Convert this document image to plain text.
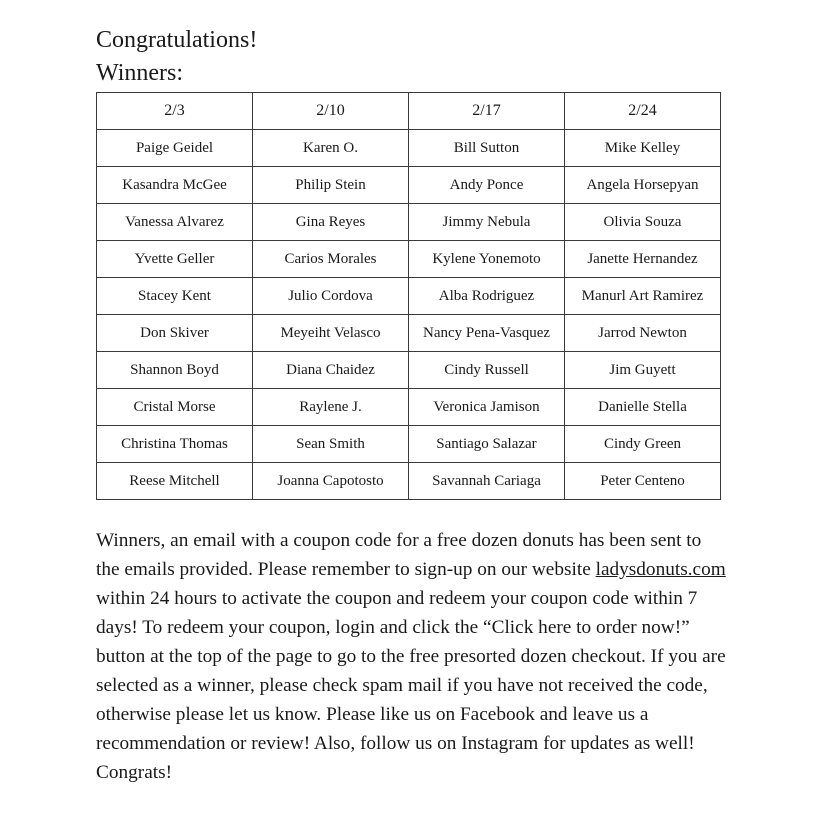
Congratulations!
Winners:
2/3	2/10	2/17	2/24
Paige Geidel	Karen O.	Bill Sutton	Mike Kelley
Kasandra McGee	Philip Stein	Andy Ponce	Angela Horsepyan
Vanessa Alvarez	Gina Reyes	Jimmy Nebula	Olivia Souza
Yvette Geller	Carios Morales	Kylene Yonemoto	Janette Hernandez
Stacey Kent	Julio Cordova	Alba Rodriguez	Manurl Art Ramirez
Don Skiver	Meyeiht Velasco	Nancy Pena-Vasquez	Jarrod Newton
Shannon Boyd	Diana Chaidez	Cindy Russell	Jim Guyett
Cristal Morse	Raylene J.	Veronica Jamison	Danielle Stella
Christina Thomas	Sean Smith	Santiago Salazar	Cindy Green
Reese Mitchell	Joanna Capotosto	Savannah Cariaga	Peter Centeno

Winners, an email with a coupon code for a free dozen donuts has been sent to the emails provided. Please remember to sign-up on our website ladysdonuts.com within 24 hours to activate the coupon and redeem your coupon code within 7 days! To redeem your coupon, login and click the “Click here to order now!” button at the top of the page to go to the free presorted dozen checkout. If you are selected as a winner, please check spam mail if you have not received the code, otherwise please let us know. Please like us on Facebook and leave us a recommendation or review! Also, follow us on Instagram for updates as well! Congrats!
